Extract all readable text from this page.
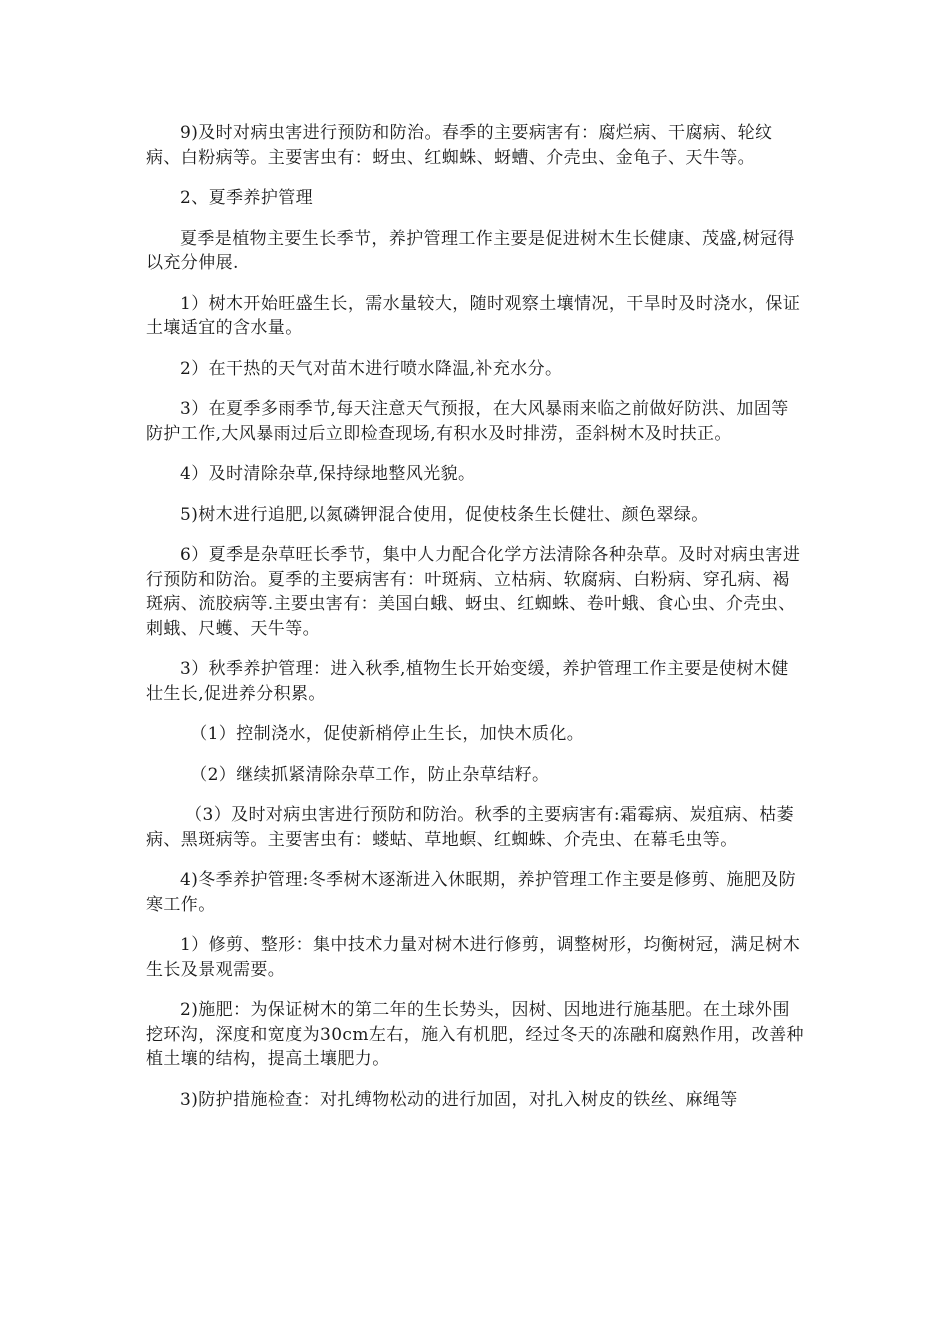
9)及时对病虫害进行预防和防治。春季的主要病害有：腐烂病、干腐病、轮纹病、白粉病等。主要害虫有：蚜虫、红蜘蛛、蚜螬、介壳虫、金龟子、天牛等。

2、夏季养护管理

夏季是植物主要生长季节，养护管理工作主要是促进树木生长健康、茂盛,树冠得以充分伸展.

1）树木开始旺盛生长，需水量较大，随时观察土壤情况，干旱时及时浇水，保证土壤适宜的含水量。

2）在干热的天气对苗木进行喷水降温,补充水分。

3）在夏季多雨季节,每天注意天气预报，在大风暴雨来临之前做好防洪、加固等防护工作,大风暴雨过后立即检查现场,有积水及时排涝，歪斜树木及时扶正。

4）及时清除杂草,保持绿地整风光貌。

5)树木进行追肥,以氮磷钾混合使用，促使枝条生长健壮、颜色翠绿。

6）夏季是杂草旺长季节，集中人力配合化学方法清除各种杂草。及时对病虫害进行预防和防治。夏季的主要病害有：叶斑病、立枯病、软腐病、白粉病、穿孔病、褐斑病、流胶病等.主要虫害有：美国白蛾、蚜虫、红蜘蛛、卷叶蛾、食心虫、介壳虫、刺蛾、尺蠖、天牛等。

3）秋季养护管理：进入秋季,植物生长开始变缓，养护管理工作主要是使树木健壮生长,促进养分积累。

（1）控制浇水，促使新梢停止生长，加快木质化。

（2）继续抓紧清除杂草工作，防止杂草结籽。

（3）及时对病虫害进行预防和防治。秋季的主要病害有:霜霉病、炭疽病、枯萎病、黑斑病等。主要害虫有：蝼蛄、草地螟、红蜘蛛、介壳虫、在幕毛虫等。

4)冬季养护管理:冬季树木逐渐进入休眠期，养护管理工作主要是修剪、施肥及防寒工作。

1）修剪、整形：集中技术力量对树木进行修剪，调整树形，均衡树冠，满足树木生长及景观需要。

2)施肥：为保证树木的第二年的生长势头，因树、因地进行施基肥。在土球外围挖环沟，深度和宽度为30cm左右，施入有机肥，经过冬天的冻融和腐熟作用，改善种植土壤的结构，提高土壤肥力。

3)防护措施检查：对扎缚物松动的进行加固，对扎入树皮的铁丝、麻绳等
